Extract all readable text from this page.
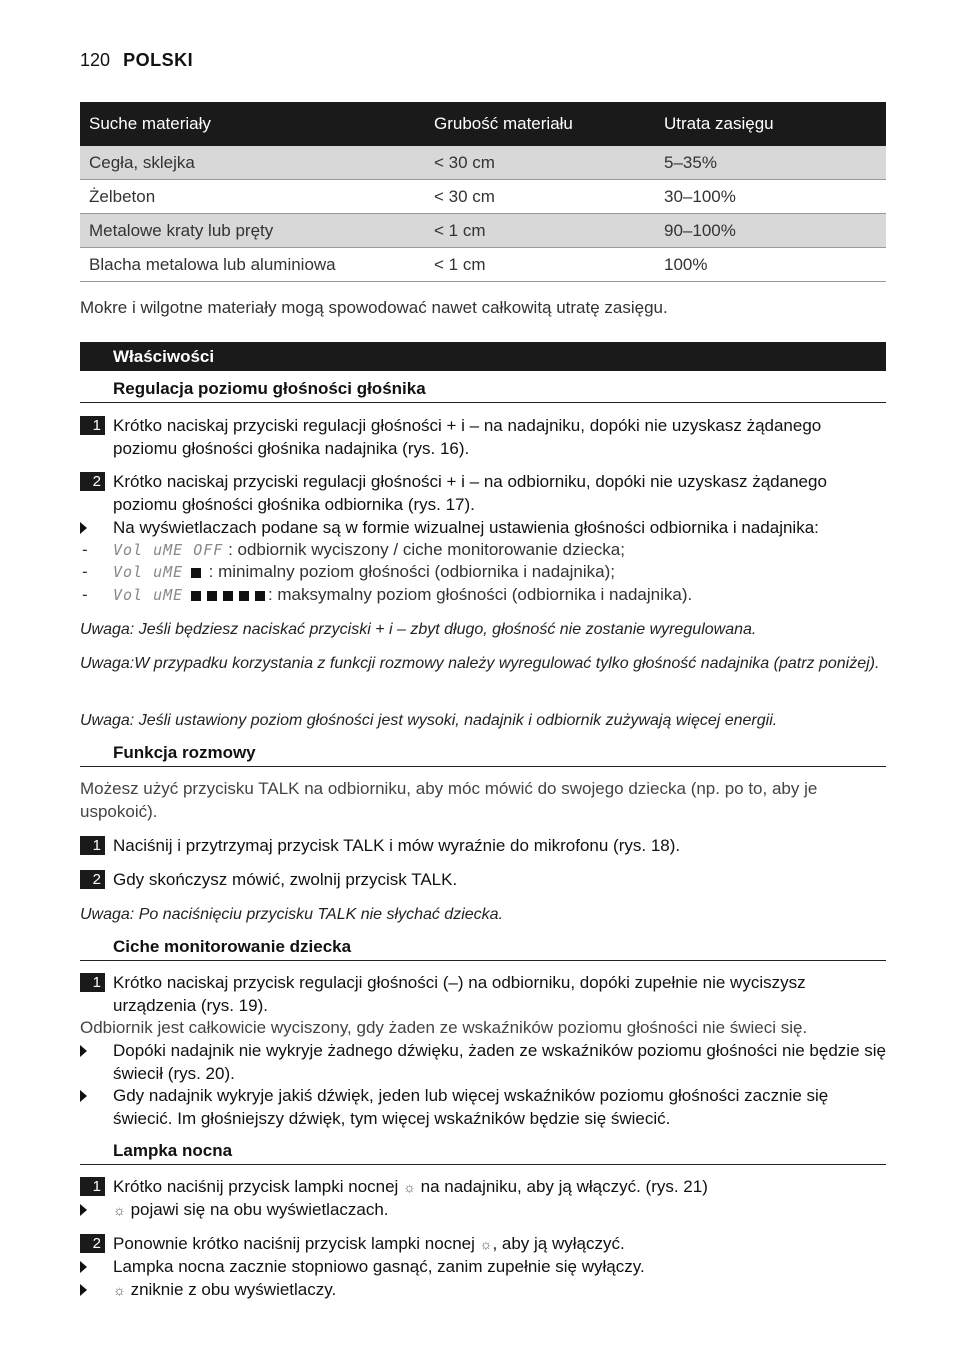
120 POLSKI
Suche materiały	Grubość materiału	Utrata zasięgu
Cegła, sklejka	< 30 cm	5–35%
Żelbeton	< 30 cm	30–100%
Metalowe kraty lub pręty	< 1 cm	90–100%
Blacha metalowa lub aluminiowa	< 1 cm	100%
Mokre i wilgotne materiały mogą spowodować nawet całkowitą utratę zasięgu.
Właściwości
Regulacja poziomu głośności głośnika
1 Krótko naciskaj przyciski regulacji głośności + i – na nadajniku, dopóki nie uzyskasz żądanego poziomu głośności głośnika nadajnika (rys. 16).
2 Krótko naciskaj przyciski regulacji głośności + i – na odbiorniku, dopóki nie uzyskasz żądanego poziomu głośności głośnika odbiornika (rys. 17).
Na wyświetlaczach podane są w formie wizualnej ustawienia głośności odbiornika i nadajnika:
- Vol uME OFF : odbiornik wyciszony / ciche monitorowanie dziecka;
- Vol uME  : minimalny poziom głośności (odbiornika i nadajnika);
- Vol uME	: maksymalny poziom głośności (odbiornika i nadajnika).
Uwaga: Jeśli będziesz naciskać przyciski + i – zbyt długo, głośność nie zostanie wyregulowana.
Uwaga:W przypadku korzystania z funkcji rozmowy należy wyregulować tylko głośność nadajnika (patrz poniżej).
Uwaga: Jeśli ustawiony poziom głośności jest wysoki, nadajnik i odbiornik zużywają więcej energii.
Funkcja rozmowy
Możesz użyć przycisku TALK na odbiorniku, aby móc mówić do swojego dziecka (np. po to, aby je uspokoić).
1 Naciśnij i przytrzymaj przycisk TALK i mów wyraźnie do mikrofonu (rys. 18).
2 Gdy skończysz mówić, zwolnij przycisk TALK.
Uwaga: Po naciśnięciu przycisku TALK nie słychać dziecka.
Ciche monitorowanie dziecka
1 Krótko naciskaj przycisk regulacji głośności (–) na odbiorniku, dopóki zupełnie nie wyciszysz urządzenia (rys. 19).
Odbiornik jest całkowicie wyciszony, gdy żaden ze wskaźników poziomu głośności nie świeci się.
Dopóki nadajnik nie wykryje żadnego dźwięku, żaden ze wskaźników poziomu głośności nie będzie się świecił (rys. 20).
Gdy nadajnik wykryje jakiś dźwięk, jeden lub więcej wskaźników poziomu głośności zacznie się świecić. Im głośniejszy dźwięk, tym więcej wskaźników będzie się świecić.
Lampka nocna
1 Krótko naciśnij przycisk lampki nocnej ☼ na nadajniku, aby ją włączyć. (rys. 21)
☼ pojawi się na obu wyświetlaczach.
2 Ponownie krótko naciśnij przycisk lampki nocnej ☼, aby ją wyłączyć.
Lampka nocna zacznie stopniowo gasnąć, zanim zupełnie się wyłączy.
☼ zniknie z obu wyświetlaczy.
